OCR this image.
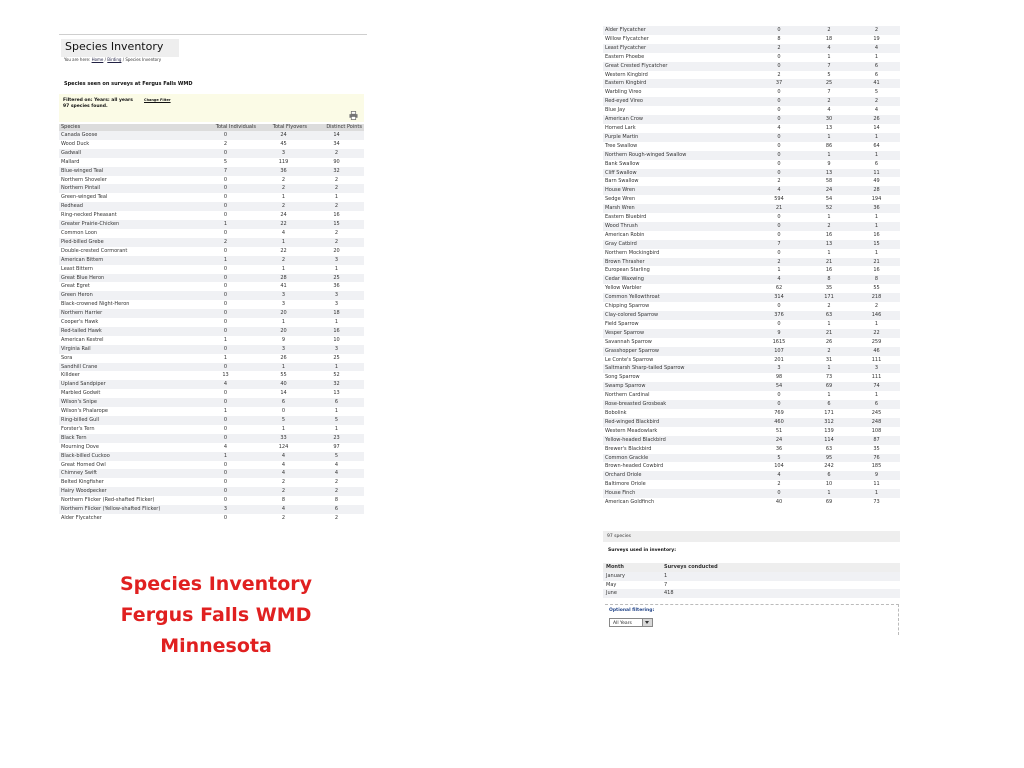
Species Inventory
You are here: Home / Birding / Species Inventory
Species seen on surveys at Fergus Falls WMD
Filtered on: Years: all years	Change Filter
97 species found.
Species	Total Individuals	Total Flyovers	Distinct Points
Canada Goose	0	24	14
Wood Duck	2	45	34
Gadwall	0	3	2
Mallard	5	119	90
Blue-winged Teal	7	36	32
Northern Shoveler	0	2	2
Northern Pintail	0	2	2
Green-winged Teal	0	1	1
Redhead	0	2	2
Ring-necked Pheasant	0	24	16
Greater Prairie-Chicken	1	22	15
Common Loon	0	4	2
Pied-billed Grebe	2	1	2
Double-crested Cormorant	0	22	20
American Bittern	1	2	3
Least Bittern	0	1	1
Great Blue Heron	0	28	25
Great Egret	0	41	36
Green Heron	0	3	3
Black-crowned Night-Heron	0	3	3
Northern Harrier	0	20	18
Cooper's Hawk	0	1	1
Red-tailed Hawk	0	20	16
American Kestrel	1	9	10
Virginia Rail	0	3	3
Sora	1	26	25
Sandhill Crane	0	1	1
Killdeer	13	55	52
Upland Sandpiper	4	40	32
Marbled Godwit	0	14	13
Wilson's Snipe	0	6	6
Wilson's Phalarope	1	0	1
Ring-billed Gull	0	5	5
Forster's Tern	0	1	1
Black Tern	0	33	23
Mourning Dove	4	124	97
Black-billed Cuckoo	1	4	5
Great Horned Owl	0	4	4
Chimney Swift	0	4	4
Belted Kingfisher	0	2	2
Hairy Woodpecker	0	2	2
Northern Flicker (Red-shafted Flicker)	0	8	8
Northern Flicker (Yellow-shafted Flicker)	3	4	6
Alder Flycatcher	0	2	2
Alder Flycatcher	0	2	2
Willow Flycatcher	8	18	19
Least Flycatcher	2	4	4
Eastern Phoebe	0	1	1
Great Crested Flycatcher	0	7	6
Western Kingbird	2	5	6
Eastern Kingbird	37	25	41
Warbling Vireo	0	7	5
Red-eyed Vireo	0	2	2
Blue Jay	0	4	4
American Crow	0	30	26
Horned Lark	4	13	14
Purple Martin	0	1	1
Tree Swallow	0	86	64
Northern Rough-winged Swallow	0	1	1
Bank Swallow	0	9	6
Cliff Swallow	0	13	11
Barn Swallow	2	58	49
House Wren	4	24	28
Sedge Wren	594	54	194
Marsh Wren	21	52	36
Eastern Bluebird	0	1	1
Wood Thrush	0	2	1
American Robin	0	16	16
Gray Catbird	7	13	15
Northern Mockingbird	0	1	1
Brown Thrasher	2	21	21
European Starling	1	16	16
Cedar Waxwing	4	8	8
Yellow Warbler	62	35	55
Common Yellowthroat	314	171	218
Chipping Sparrow	0	2	2
Clay-colored Sparrow	376	63	146
Field Sparrow	0	1	1
Vesper Sparrow	9	21	22
Savannah Sparrow	1615	26	259
Grasshopper Sparrow	107	2	46
Le Conte's Sparrow	201	31	111
Saltmarsh Sharp-tailed Sparrow	3	1	3
Song Sparrow	98	73	111
Swamp Sparrow	54	69	74
Northern Cardinal	0	1	1
Rose-breasted Grosbeak	0	6	6
Bobolink	769	171	245
Red-winged Blackbird	460	312	248
Western Meadowlark	51	139	108
Yellow-headed Blackbird	24	114	87
Brewer's Blackbird	36	63	35
Common Grackle	5	95	76
Brown-headed Cowbird	104	242	185
Orchard Oriole	4	6	9
Baltimore Oriole	2	10	11
House Finch	0	1	1
American Goldfinch	40	69	73
97 species
Surveys used in inventory:
Month	Surveys conducted
January	1
May	7
June	418
Optional filtering:
All Years
Species Inventory
Fergus Falls WMD
Minnesota
